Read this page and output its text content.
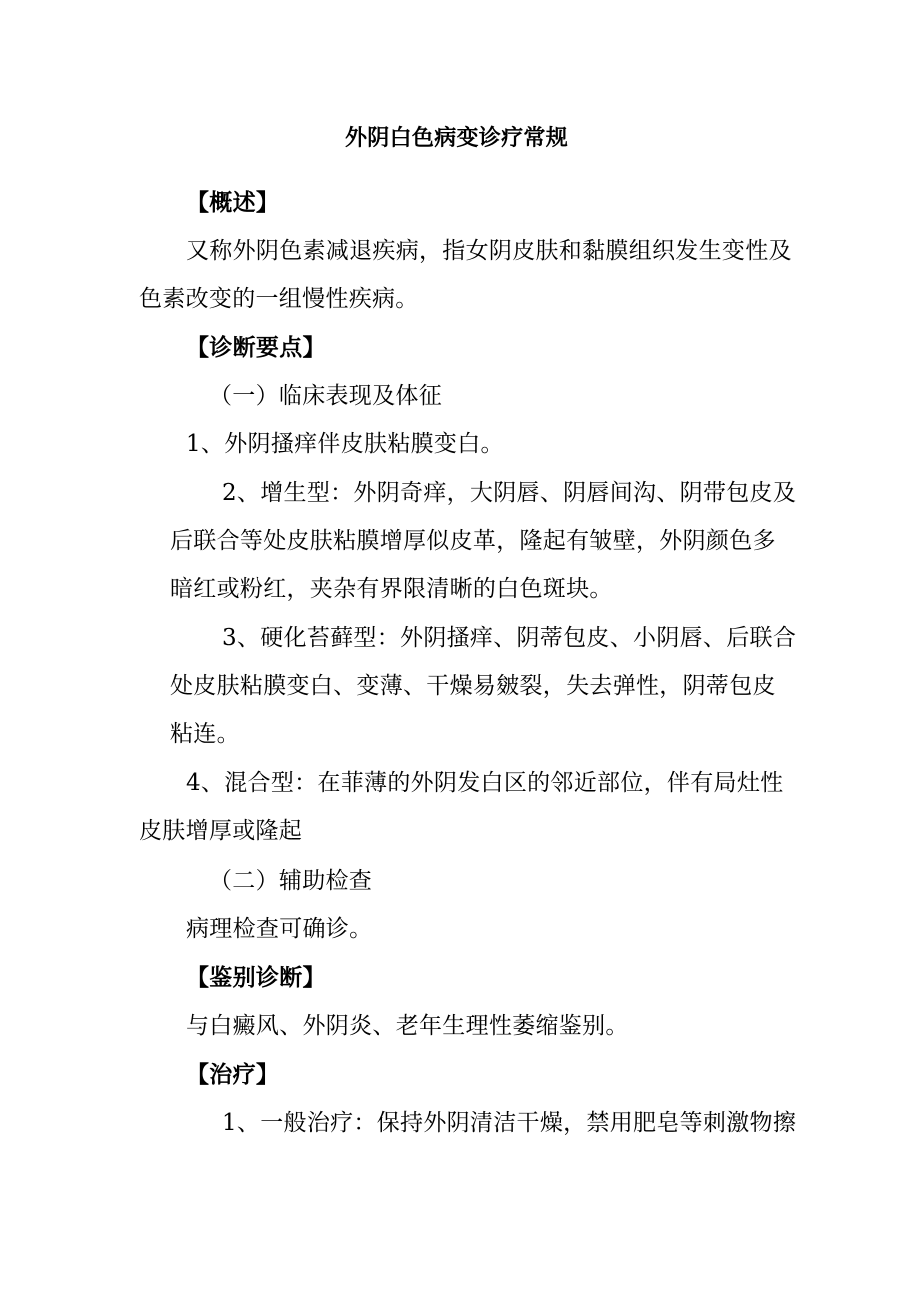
外阴白色病变诊疗常规
【概述】
又称外阴色素减退疾病，指女阴皮肤和黏膜组织发生变性及
色素改变的一组慢性疾病。
【诊断要点】
（一）临床表现及体征
1、外阴搔痒伴皮肤粘膜变白。
2、增生型：外阴奇痒，大阴唇、阴唇间沟、阴带包皮及
后联合等处皮肤粘膜增厚似皮革，隆起有皱壁，外阴颜色多
暗红或粉红，夹杂有界限清晰的白色斑块。
3、硬化苔藓型：外阴搔痒、阴蒂包皮、小阴唇、后联合
处皮肤粘膜变白、变薄、干燥易皴裂，失去弹性，阴蒂包皮
粘连。
4、混合型：在菲薄的外阴发白区的邻近部位，伴有局灶性
皮肤增厚或隆起
（二）辅助检查
病理检查可确诊。
【鉴别诊断】
与白癜风、外阴炎、老年生理性萎缩鉴别。
【治疗】
1、一般治疗：保持外阴清洁干燥，禁用肥皂等刺激物擦
